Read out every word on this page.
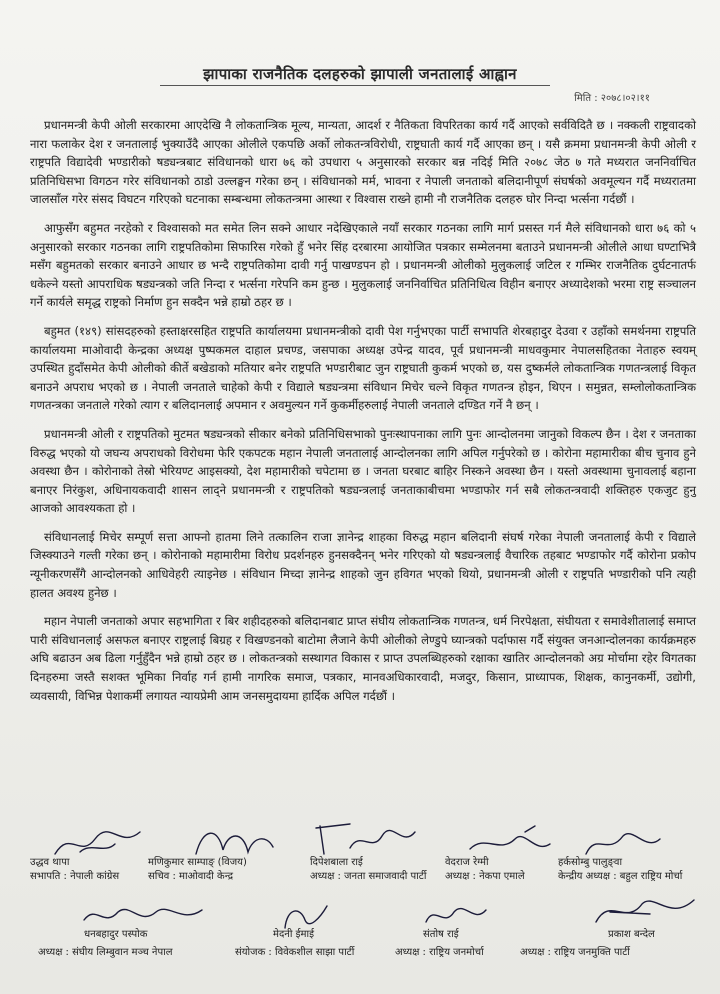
झापाका राजनैतिक दलहरुको झापाली जनतालाई आह्वान
मिति : २०७८।०२।११

प्रधानमन्त्री केपी ओली सरकारमा आएदेखि नै लोकतान्त्रिक मूल्य, मान्यता, आदर्श र नैतिकता विपरितका कार्य गर्दै आएको सर्वविदितै छ । नक्कली राष्ट्रवादको नारा फलाकेर देश र जनतालाई भुक्याउँदै आएका ओलीले एकपछि अर्को लोकतन्त्रविरोधी, राष्ट्रघाती कार्य गर्दै आएका छन् । यसै क्रममा प्रधानमन्त्री केपी ओली र राष्ट्रपति विद्यादेवी भण्डारीको षड्यन्त्रबाट संविधानको धारा ७६ को उपधारा ५ अनुसारको सरकार बन्न नदिई मिति २०७८ जेठ ७ गते मध्यरात जननिर्वाचित प्रतिनिधिसभा विगठन गरेर संविधानको ठाडो उल्लङ्घन गरेका छन् । संविधानको मर्म, भावना र नेपाली जनताको बलिदानीपूर्ण संघर्षको अवमूल्यन गर्दै मध्यरातमा जालसाँल गरेर संसद विघटन गरिएको घटनाका सम्बन्धमा लोकतन्त्रमा आस्था र विश्वास राख्ने हामी नौ राजनैतिक दलहरु घोर निन्दा भर्त्सना गर्दछौं ।

आफुसँग बहुमत नरहेको र विश्वासको मत समेत लिन सक्ने आधार नदेखिएकाले नयाँ सरकार गठनका लागि मार्ग प्रसस्त गर्न मैले संविधानको धारा ७६ को ५ अनुसारको सरकार गठनका लागि राष्ट्रपतिकोमा सिफारिस गरेको हुँ भनेर सिंह दरबारमा आयोजित पत्रकार सम्मेलनमा बताउने प्रधानमन्त्री ओलीले आधा घण्टाभित्रै मसँग बहुमतको सरकार बनाउने आधार छ भन्दै राष्ट्रपतिकोमा दावी गर्नु पाखण्डपन हो । प्रधानमन्त्री ओलीको मुलुकलाई जटिल र गम्भिर राजनैतिक दुर्घटनातर्फ धकेल्ने यस्तो आपराधिक षड्यन्त्रको जति निन्दा र भर्त्सना गरेपनि कम हुन्छ । मुलुकलाई जननिर्वाचित प्रतिनिधित्व विहीन बनाएर अध्यादेशको भरमा राष्ट्र सञ्चालन गर्ने कार्यले समृद्ध राष्ट्रको निर्माण हुन सक्दैन भन्ने हाम्रो ठहर छ ।

बहुमत (१४९) सांसदहरुको हस्ताक्षरसहित राष्ट्रपति कार्यालयमा प्रधानमन्त्रीको दावी पेश गर्नुभएका पार्टी सभापति शेरबहादुर देउवा र उहाँको समर्थनमा राष्ट्रपति कार्यालयमा माओवादी केन्द्रका अध्यक्ष पुष्पकमल दाहाल प्रचण्ड, जसपाका अध्यक्ष उपेन्द्र यादव, पूर्व प्रधानमन्त्री माधवकुमार नेपालसहितका नेताहरु स्वयम् उपस्थित हुदाँसमेत केपी ओलीको कीर्ते बखेडाको मतियार बनेर राष्ट्रपति भण्डारीबाट जुन राष्ट्रघाती कुकर्म भएको छ, यस दुष्कर्मले लोकतान्त्रिक गणतन्त्रलाई विकृत बनाउने अपराध भएको छ । नेपाली जनताले चाहेको केपी र विद्याले षड्यन्त्रमा संविधान मिचेर चल्ने विकृत गणतन्त्र होइन, थिएन । समुन्नत, सम्लोलोकतान्त्रिक गणतन्त्रका जनताले गरेको त्याग र बलिदानलाई अपमान र अवमुल्यन गर्ने कुकर्मीहरुलाई नेपाली जनताले दण्डित गर्ने नै छन् ।

प्रधानमन्त्री ओली र राष्ट्रपतिको मुटमत षड्यन्त्रको सीकार बनेको प्रतिनिधिसभाको पुनःस्थापनाका लागि पुनः आन्दोलनमा जानुको विकल्प छैन । देश र जनताका विरुद्ध भएको यो जघन्य अपराधको विरोधमा फेरि एकपटक महान नेपाली जनतालाई आन्दोलनका लागि अपिल गर्नुपरेको छ । कोरोना महामारीका बीच चुनाव हुने अवस्था छैन । कोरोनाको तेस्रो भेरियण्ट आइसक्यो, देश महामारीको चपेटामा छ । जनता घरबाट बाहिर निस्कने अवस्था छैन । यस्तो अवस्थामा चुनावलाई बहाना बनाएर निरंकुश, अधिनायकवादी शासन लाद्ने प्रधानमन्त्री र राष्ट्रपतिको षड्यन्त्रलाई जनताकाबीचमा भण्डाफोर गर्न सबै लोकतन्त्रवादी शक्तिहरु एकजुट हुनु आजको आवश्यकता हो ।

संविधानलाई मिचेर सम्पूर्ण सत्ता आफ्नो हातमा लिने तत्कालिन राजा ज्ञानेन्द्र शाहका विरुद्ध महान बलिदानी संघर्ष गरेका नेपाली जनतालाई केपी र विद्याले जिस्क्याउने गल्ती गरेका छन् । कोरोनाको महामारीमा विरोध प्रदर्शनहरु हुनसक्दैनन् भनेर गरिएको यो षड्यन्त्रलाई वैचारिक तहबाट भण्डाफोर गर्दै कोरोना प्रकोप न्यूनीकरणसँगै आन्दोलनको आधिवेहरी त्याइनेछ । संविधान मिच्दा ज्ञानेन्द्र शाहको जुन हविगत भएको थियो, प्रधानमन्त्री ओली र राष्ट्रपति भण्डारीको पनि त्यही हालत अवश्य हुनेछ ।

महान नेपाली जनताको अपार सहभागिता र बिर शहीदहरुको बलिदानबाट प्राप्त संघीय लोकतान्त्रिक गणतन्त्र, धर्म निरपेक्षता, संघीयता र समावेशीतालाई समाप्त पारी संविधानलाई असफल बनाएर राष्ट्रलाई बिग्रह र विखण्डनको बाटोमा लैजाने केपी ओलीको लेण्डुपे घ्यान्त्रको पर्दाफास गर्दै संयुक्त जनआन्दोलनका कार्यक्रमहरु अघि बढाउन अब ढिला गर्नुहुँदैन भन्ने हाम्रो ठहर छ । लोकतन्त्रको सस्थागत विकास र प्राप्त उपलब्धिहरुको रक्षाका खातिर आन्दोलनको अग्र मोर्चामा रहेर विगतका दिनहरुमा जस्तै सशक्त भूमिका निर्वाह गर्न हामी नागरिक समाज, पत्रकार, मानवअधिकारवादी, मजदुर, किसान, प्राध्यापक, शिक्षक, कानुनकर्मी, उद्योगी, व्यवसायी, विभिन्न पेशाकर्मी लगायत न्यायप्रेमी आम जनसमुदायमा हार्दिक अपिल गर्दछौं ।

उद्धव थापा
सभापति : नेपाली कांग्रेस
मणिकुमार साम्पाङ् (विजय)
सचिव : माओवादी केन्द्र
दिपेशबाला राई
अध्यक्ष : जनता समाजवादी पार्टी
वेदराज रेग्मी
अध्यक्ष : नेकपा एमाले
हर्कसोम्बु पालुङ्वा
केन्द्रीय अध्यक्ष : बहुल राष्ट्रिय मोर्चा
धनबहादुर पस्पोक
अध्यक्ष : संघीय लिम्बुवान मञ्च नेपाल
मेदनी ईमाई
संयोजक : विवेकशील साझा पार्टी
संतोष राई
अध्यक्ष : राष्ट्रिय जनमोर्चा
प्रकाश बन्देल
अध्यक्ष : राष्ट्रिय जनमुक्ति पार्टी
